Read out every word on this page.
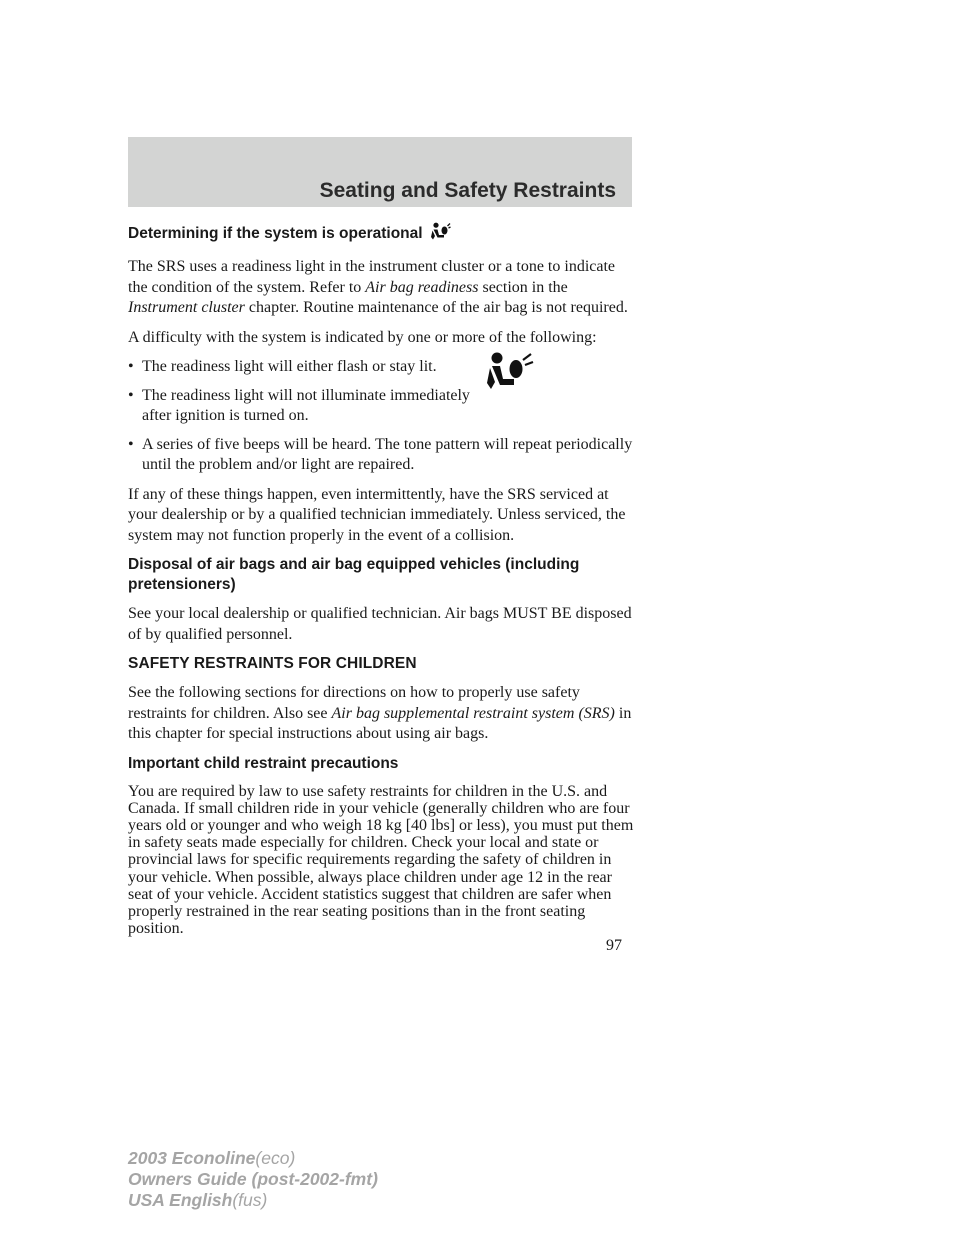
Seating and Safety Restraints
Determining if the system is operational

The SRS uses a readiness light in the instrument cluster or a tone to indicate the condition of the system. Refer to Air bag readiness section in the Instrument cluster chapter. Routine maintenance of the air bag is not required.

A difficulty with the system is indicated by one or more of the following:

• The readiness light will either flash or stay lit.
• The readiness light will not illuminate immediately after ignition is turned on.
• A series of five beeps will be heard. The tone pattern will repeat periodically until the problem and/or light are repaired.

If any of these things happen, even intermittently, have the SRS serviced at your dealership or by a qualified technician immediately. Unless serviced, the system may not function properly in the event of a collision.

Disposal of air bags and air bag equipped vehicles (including pretensioners)

See your local dealership or qualified technician. Air bags MUST BE disposed of by qualified personnel.

SAFETY RESTRAINTS FOR CHILDREN

See the following sections for directions on how to properly use safety restraints for children. Also see Air bag supplemental restraint system (SRS) in this chapter for special instructions about using air bags.

Important child restraint precautions

You are required by law to use safety restraints for children in the U.S. and Canada. If small children ride in your vehicle (generally children who are four years old or younger and who weigh 18 kg [40 lbs] or less), you must put them in safety seats made especially for children. Check your local and state or provincial laws for specific requirements regarding the safety of children in your vehicle. When possible, always place children under age 12 in the rear seat of your vehicle. Accident statistics suggest that children are safer when properly restrained in the rear seating positions than in the front seating position.

97
2003 Econoline(eco)
Owners Guide (post-2002-fmt)
USA English(fus)
